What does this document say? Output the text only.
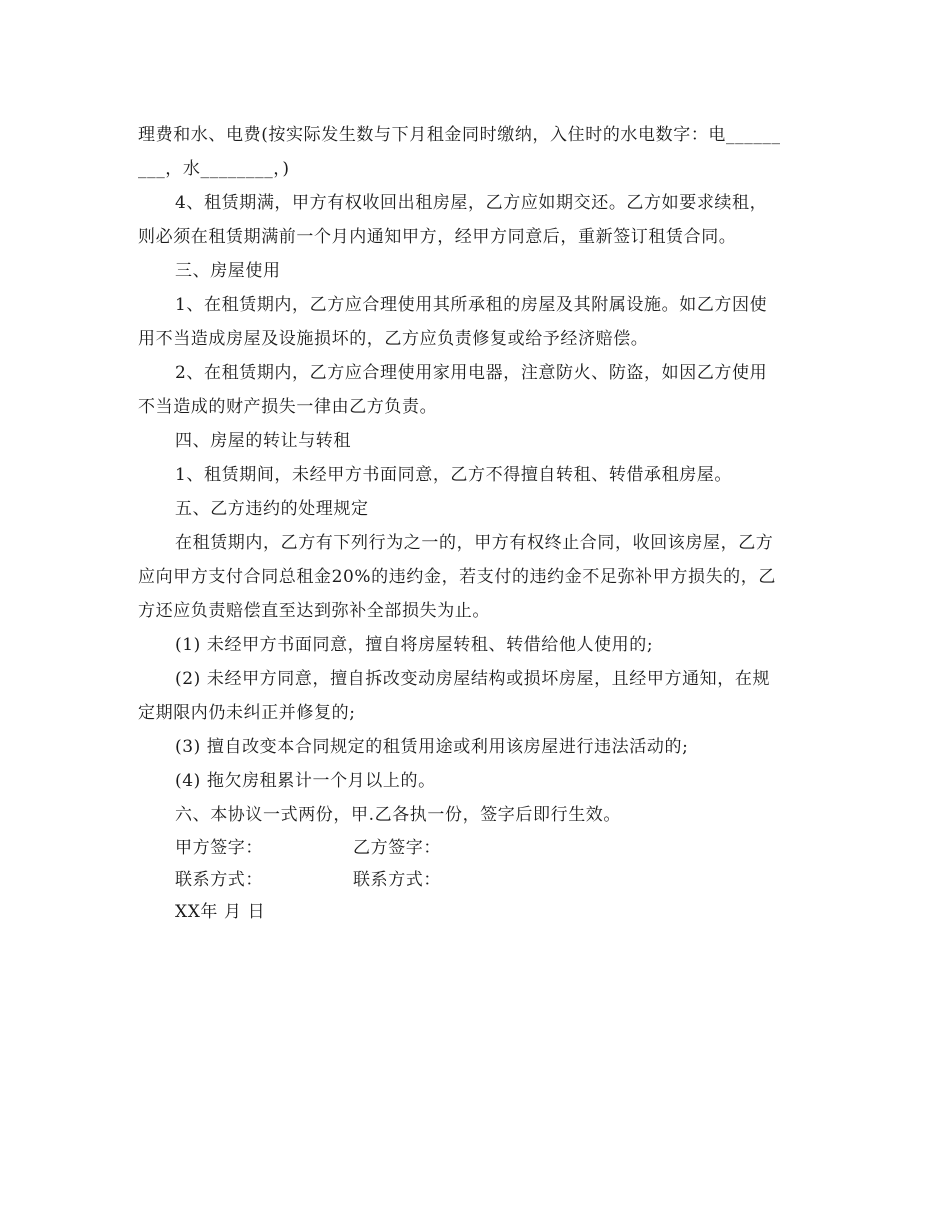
理费和水、电费(按实际发生数与下月租金同时缴纳，入住时的水电数字：电______
___，水________，)
4、租赁期满，甲方有权收回出租房屋，乙方应如期交还。乙方如要求续租，
则必须在租赁期满前一个月内通知甲方，经甲方同意后，重新签订租赁合同。
三、房屋使用
1、在租赁期内，乙方应合理使用其所承租的房屋及其附属设施。如乙方因使
用不当造成房屋及设施损坏的，乙方应负责修复或给予经济赔偿。
2、在租赁期内，乙方应合理使用家用电器，注意防火、防盗，如因乙方使用
不当造成的财产损失一律由乙方负责。
四、房屋的转让与转租
1、租赁期间，未经甲方书面同意，乙方不得擅自转租、转借承租房屋。
五、乙方违约的处理规定
在租赁期内，乙方有下列行为之一的，甲方有权终止合同，收回该房屋，乙方
应向甲方支付合同总租金20%的违约金，若支付的违约金不足弥补甲方损失的，乙
方还应负责赔偿直至达到弥补全部损失为止。
(1) 未经甲方书面同意，擅自将房屋转租、转借给他人使用的;
(2) 未经甲方同意，擅自拆改变动房屋结构或损坏房屋，且经甲方通知，在规
定期限内仍未纠正并修复的;
(3) 擅自改变本合同规定的租赁用途或利用该房屋进行违法活动的;
(4) 拖欠房租累计一个月以上的。
六、本协议一式两份，甲.乙各执一份，签字后即行生效。
甲方签字：	乙方签字：
联系方式：	联系方式：
XX年 月 日
